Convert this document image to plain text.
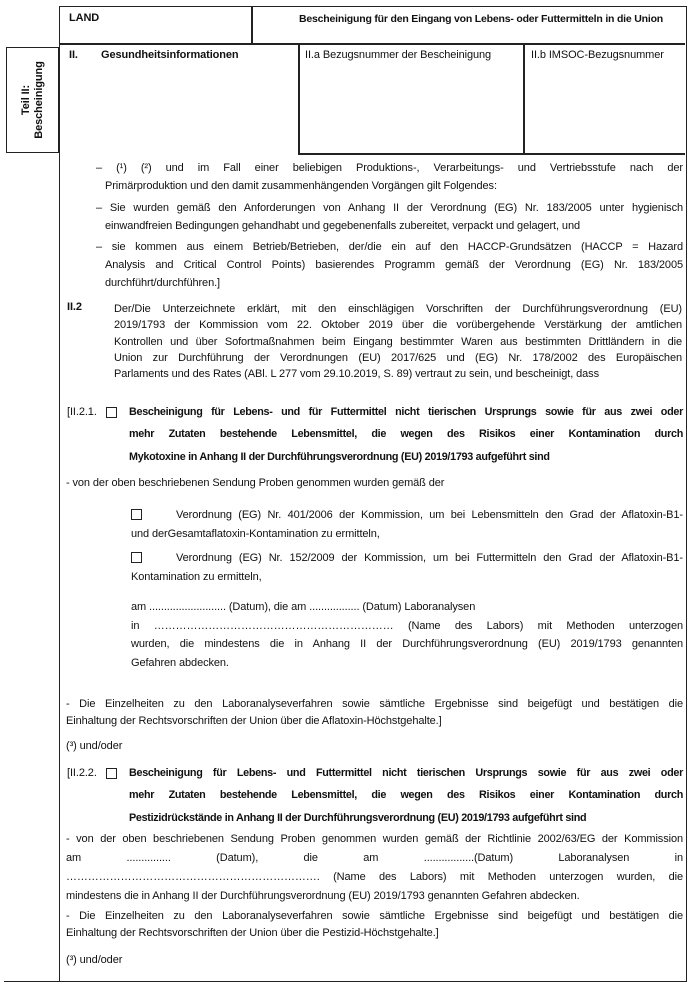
Teil II: Bescheinigung
LAND	Bescheinigung für den Eingang von Lebens- oder Futtermitteln in die Union
II. Gesundheitsinformationen	II.a Bezugsnummer der Bescheinigung	II.b IMSOC-Bezugsnummer
– (¹) (²) und im Fall einer beliebigen Produktions-, Verarbeitungs- und Vertriebsstufe nach der
Primärproduktion und den damit zusammenhängenden Vorgängen gilt Folgendes:
– Sie wurden gemäß den Anforderungen von Anhang II der Verordnung (EG) Nr. 183/2005 unter hygienisch
einwandfreien Bedingungen gehandhabt und gegebenenfalls zubereitet, verpackt und gelagert, und
– sie kommen aus einem Betrieb/Betrieben, der/die ein auf den HACCP-Grundsätzen (HACCP = Hazard
Analysis and Critical Control Points) basierendes Programm gemäß der Verordnung (EG) Nr. 183/2005
durchführt/durchführen.]
II.2	Der/Die Unterzeichnete erklärt, mit den einschlägigen Vorschriften der Durchführungsverordnung (EU)
2019/1793 der Kommission vom 22. Oktober 2019 über die vorübergehende Verstärkung der amtlichen
Kontrollen und über Sofortmaßnahmen beim Eingang bestimmter Waren aus bestimmten Drittländern in die
Union zur Durchführung der Verordnungen (EU) 2017/625 und (EG) Nr. 178/2002 des Europäischen
Parlaments und des Rates (ABl. L 277 vom 29.10.2019, S. 89) vertraut zu sein, und bescheinigt, dass
[II.2.1.	Bescheinigung für Lebens- und für Futtermittel nicht tierischen Ursprungs sowie für aus zwei oder
mehr Zutaten bestehende Lebensmittel, die wegen des Risikos einer Kontamination durch
Mykotoxine in Anhang II der Durchführungsverordnung (EU) 2019/1793 aufgeführt sind
- von der oben beschriebenen Sendung Proben genommen wurden gemäß der
Verordnung (EG) Nr. 401/2006 der Kommission, um bei Lebensmitteln den Grad der Aflatoxin-B1-
und derGesamtaflatoxin-Kontamination zu ermitteln,
Verordnung (EG) Nr. 152/2009 der Kommission, um bei Futtermitteln den Grad der Aflatoxin-B1-
Kontamination zu ermitteln,
am .......................... (Datum), die am ................. (Datum) Laboranalysen
in ………………………………………………………… (Name des Labors) mit Methoden unterzogen
wurden, die mindestens die in Anhang II der Durchführungsverordnung (EU) 2019/1793 genannten
Gefahren abdecken.
- Die Einzelheiten zu den Laboranalyseverfahren sowie sämtliche Ergebnisse sind beigefügt und bestätigen die
Einhaltung der Rechtsvorschriften der Union über die Aflatoxin-Höchstgehalte.]
(³) und/oder
[II.2.2.	Bescheinigung für Lebens- und Futtermittel nicht tierischen Ursprungs sowie für aus zwei oder
mehr Zutaten bestehende Lebensmittel, die wegen des Risikos einer Kontamination durch
Pestizidrückstände in Anhang II der Durchführungsverordnung (EU) 2019/1793 aufgeführt sind
- von der oben beschriebenen Sendung Proben genommen wurden gemäß der Richtlinie 2002/63/EG der Kommission
am ............... (Datum), die am .................(Datum) Laboranalysen in
……………………………………………………………. (Name des Labors) mit Methoden unterzogen wurden, die
mindestens die in Anhang II der Durchführungsverordnung (EU) 2019/1793 genannten Gefahren abdecken.
- Die Einzelheiten zu den Laboranalyseverfahren sowie sämtliche Ergebnisse sind beigefügt und bestätigen die
Einhaltung der Rechtsvorschriften der Union über die Pestizid-Höchstgehalte.]
(³) und/oder
